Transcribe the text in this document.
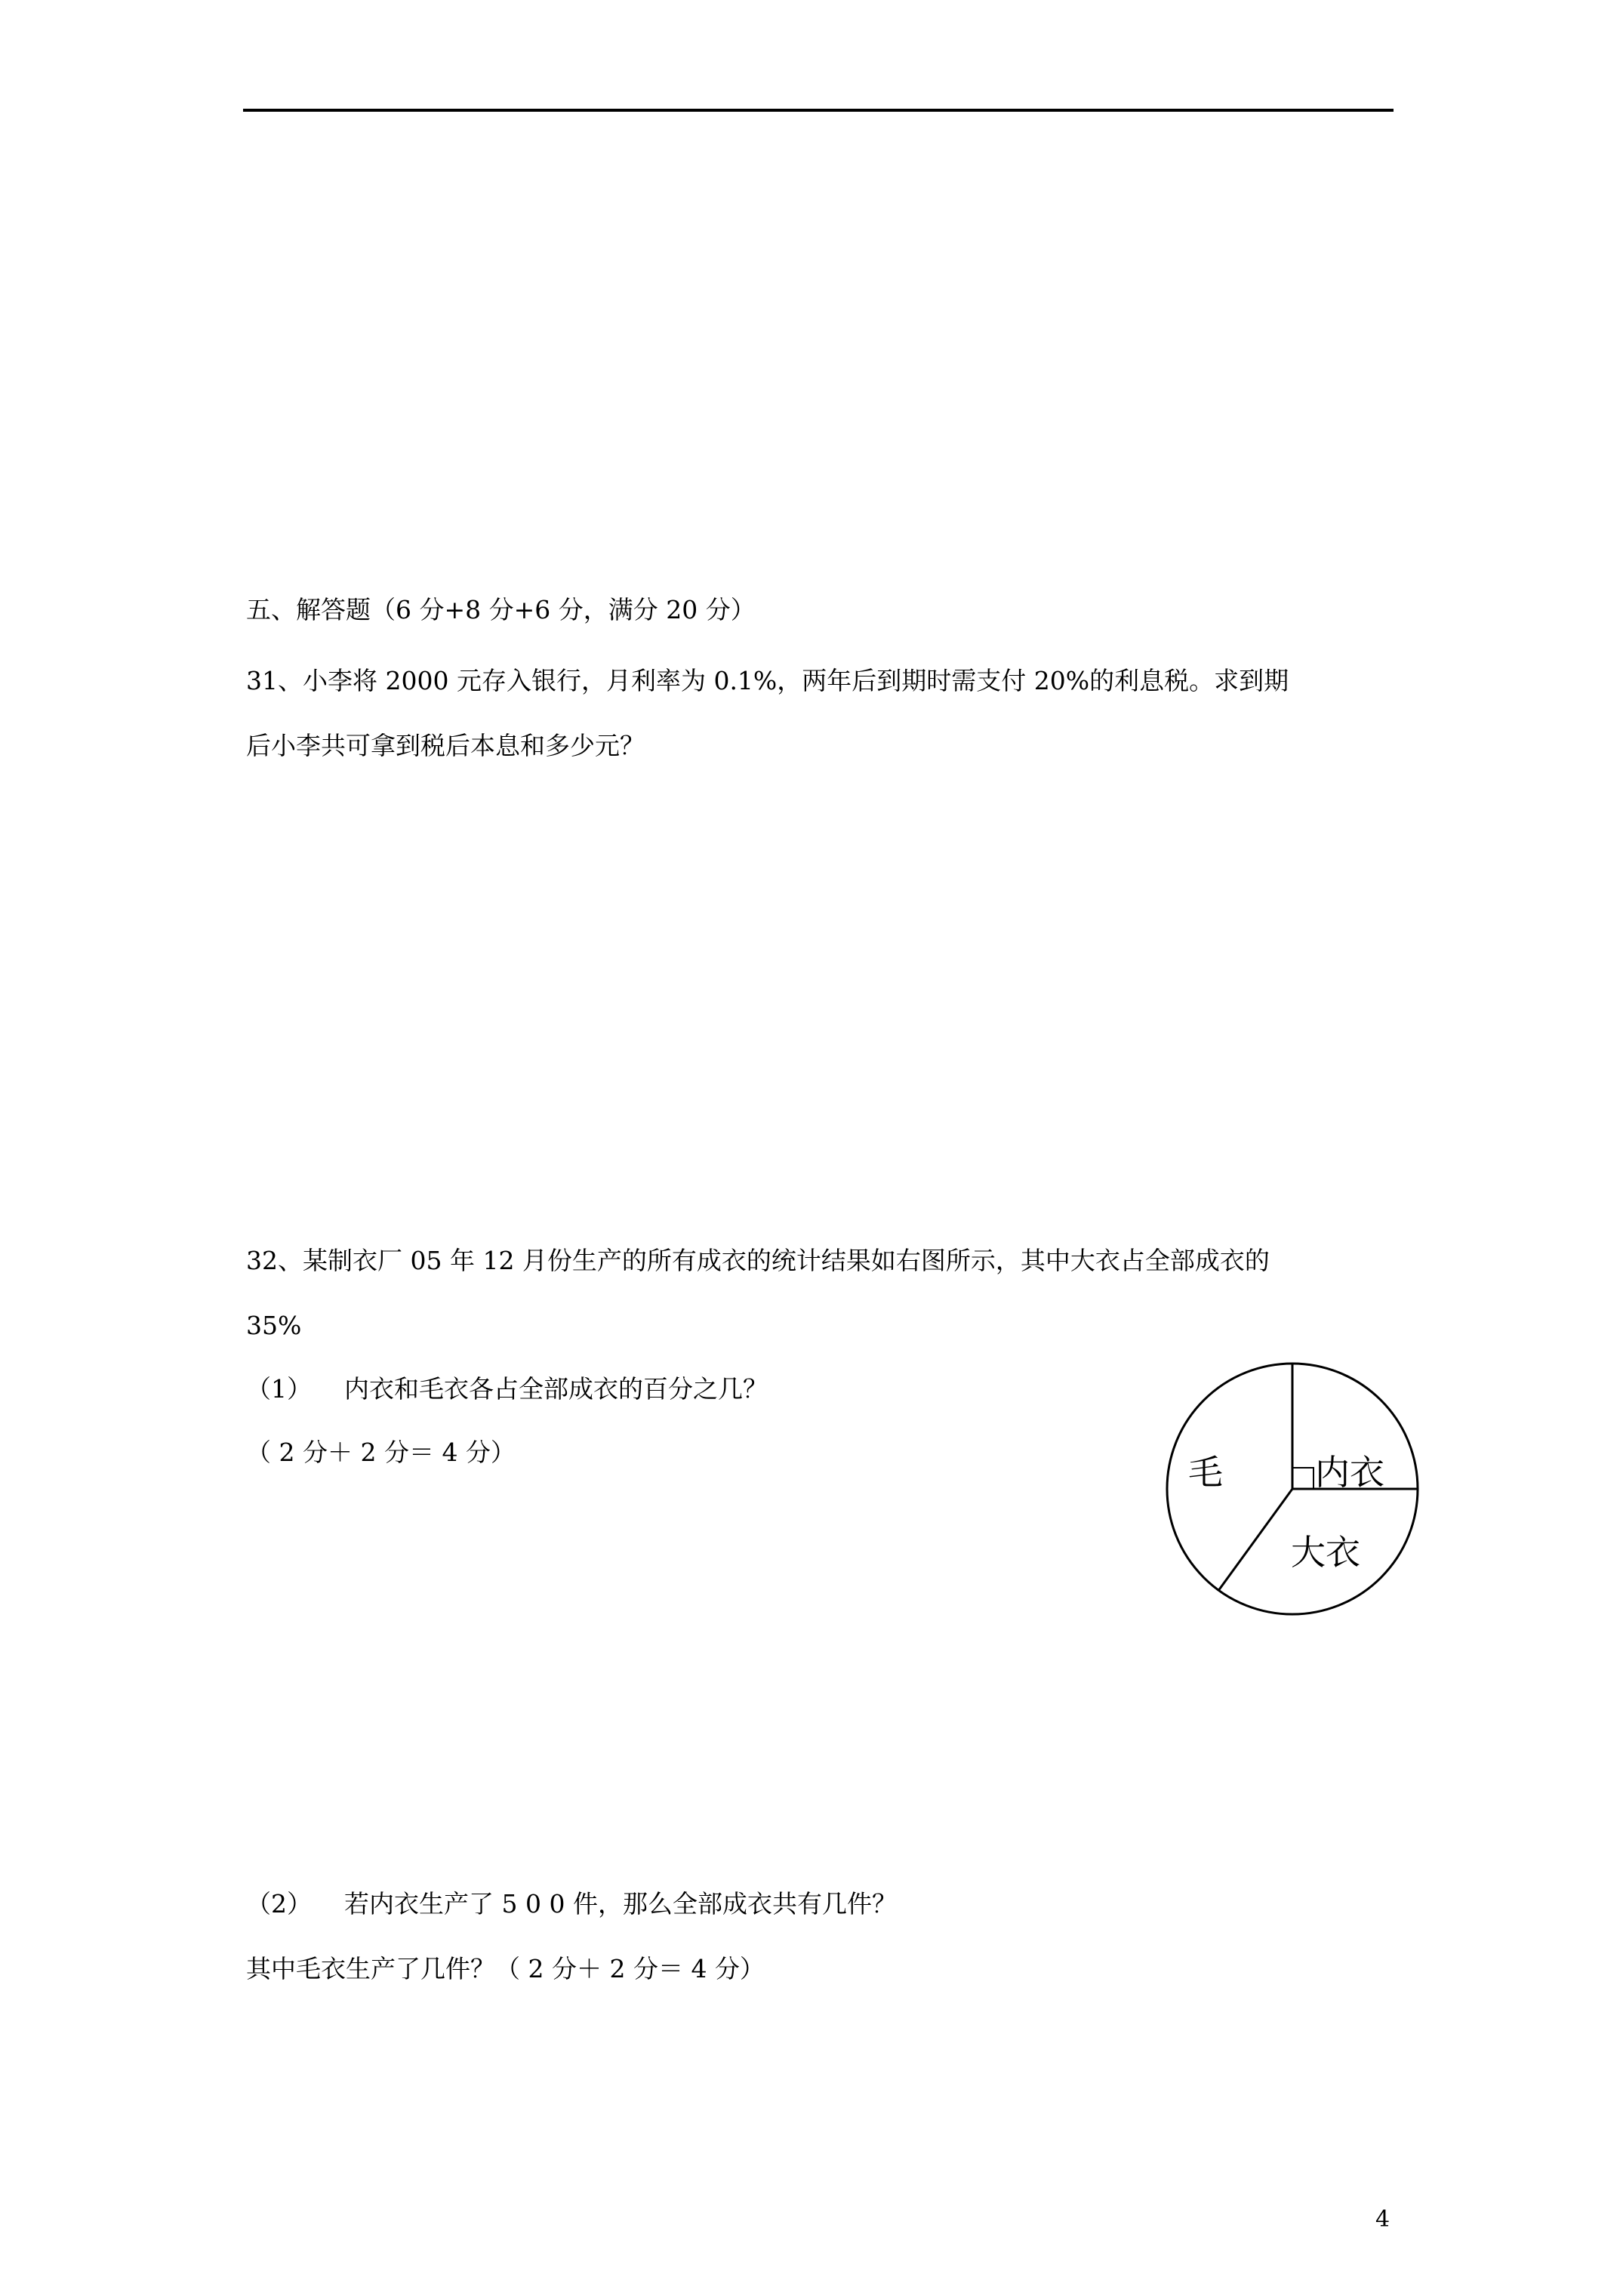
五、解答题（6 分+8 分+6 分，满分 20 分）
31、小李将 2000 元存入银行，月利率为 0.1%，两年后到期时需支付 20%的利息税。求到期
后小李共可拿到税后本息和多少元？
32、某制衣厂 05 年 12 月份生产的所有成衣的统计结果如右图所示，其中大衣占全部成衣的
35%
（1） 内衣和毛衣各占全部成衣的百分之几？
（ 2 分＋ 2 分＝ 4 分）
（2） 若内衣生产了 5 0 0 件，那么全部成衣共有几件？
其中毛衣生产了几件？（ 2 分＋ 2 分＝ 4 分）
毛	内衣
大衣
4
